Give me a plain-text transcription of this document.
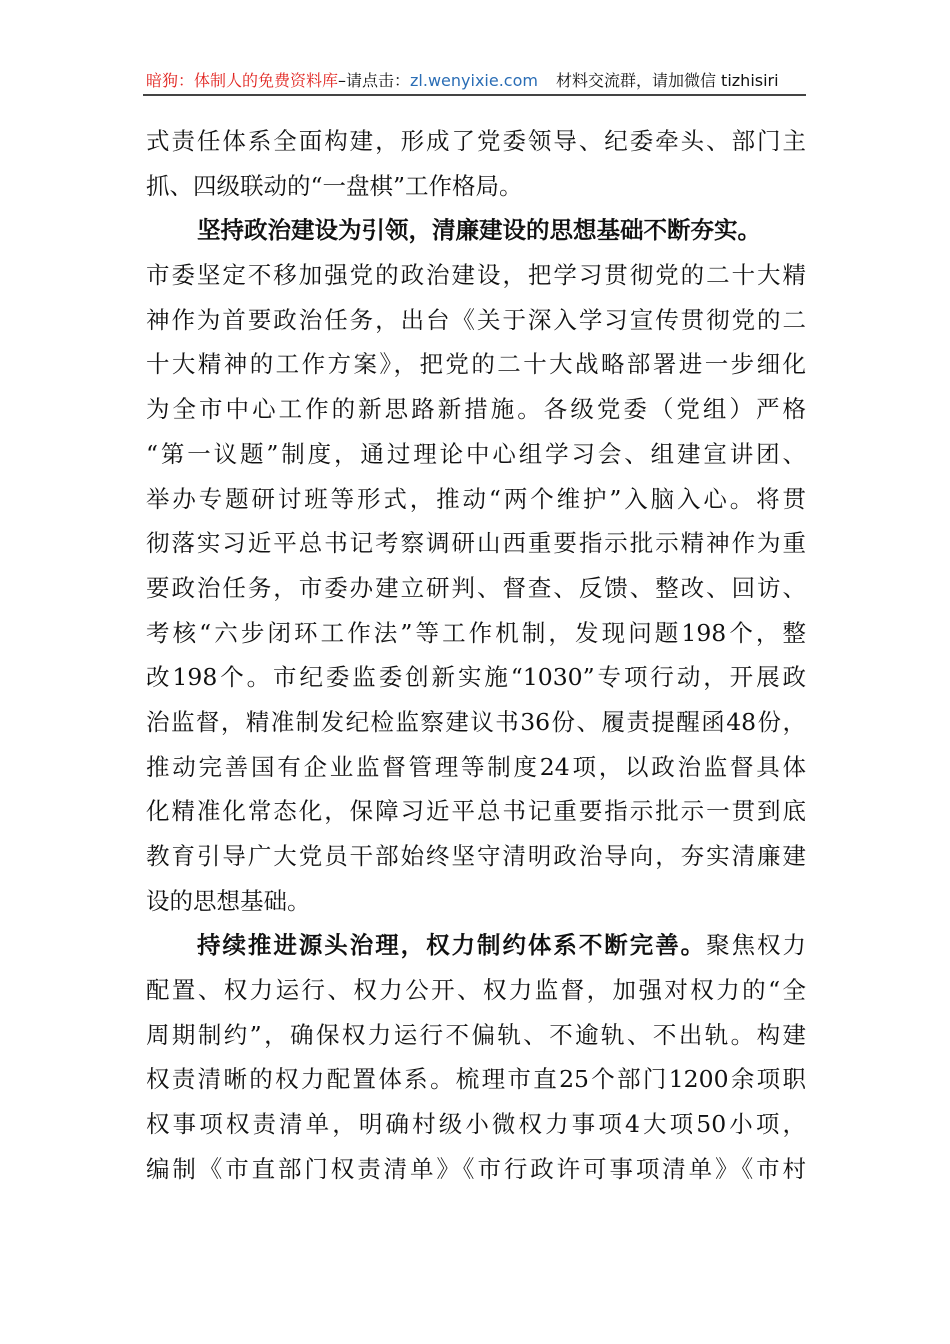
暗狗：体制人的免费资料库–请点击：zl.wenyixie.com 材料交流群，请加微信 tizhisiri
式责任体系全面构建，形成了党委领导、纪委牵头、部门主
抓、四级联动的“一盘棋”工作格局。
坚持政治建设为引领，清廉建设的思想基础不断夯实。
市委坚定不移加强党的政治建设，把学习贯彻党的二十大精
神作为首要政治任务，出台《关于深入学习宣传贯彻党的二
十大精神的工作方案》，把党的二十大战略部署进一步细化
为全市中心工作的新思路新措施。各级党委（党组）严格
“第一议题”制度，通过理论中心组学习会、组建宣讲团、
举办专题研讨班等形式，推动“两个维护”入脑入心。将贯
彻落实习近平总书记考察调研山西重要指示批示精神作为重
要政治任务，市委办建立研判、督查、反馈、整改、回访、
考核“六步闭环工作法”等工作机制，发现问题198个，整
改198个。市纪委监委创新实施“1030”专项行动，开展政
治监督，精准制发纪检监察建议书36份、履责提醒函48份，
推动完善国有企业监督管理等制度24项，以政治监督具体
化精准化常态化，保障习近平总书记重要指示批示一贯到底
教育引导广大党员干部始终坚守清明政治导向，夯实清廉建
设的思想基础。
持续推进源头治理，权力制约体系不断完善。聚焦权力
配置、权力运行、权力公开、权力监督，加强对权力的“全
周期制约”，确保权力运行不偏轨、不逾轨、不出轨。构建
权责清晰的权力配置体系。梳理市直25个部门1200余项职
权事项权责清单，明确村级小微权力事项4大项50小项，
编制《市直部门权责清单》《市行政许可事项清单》《市村
